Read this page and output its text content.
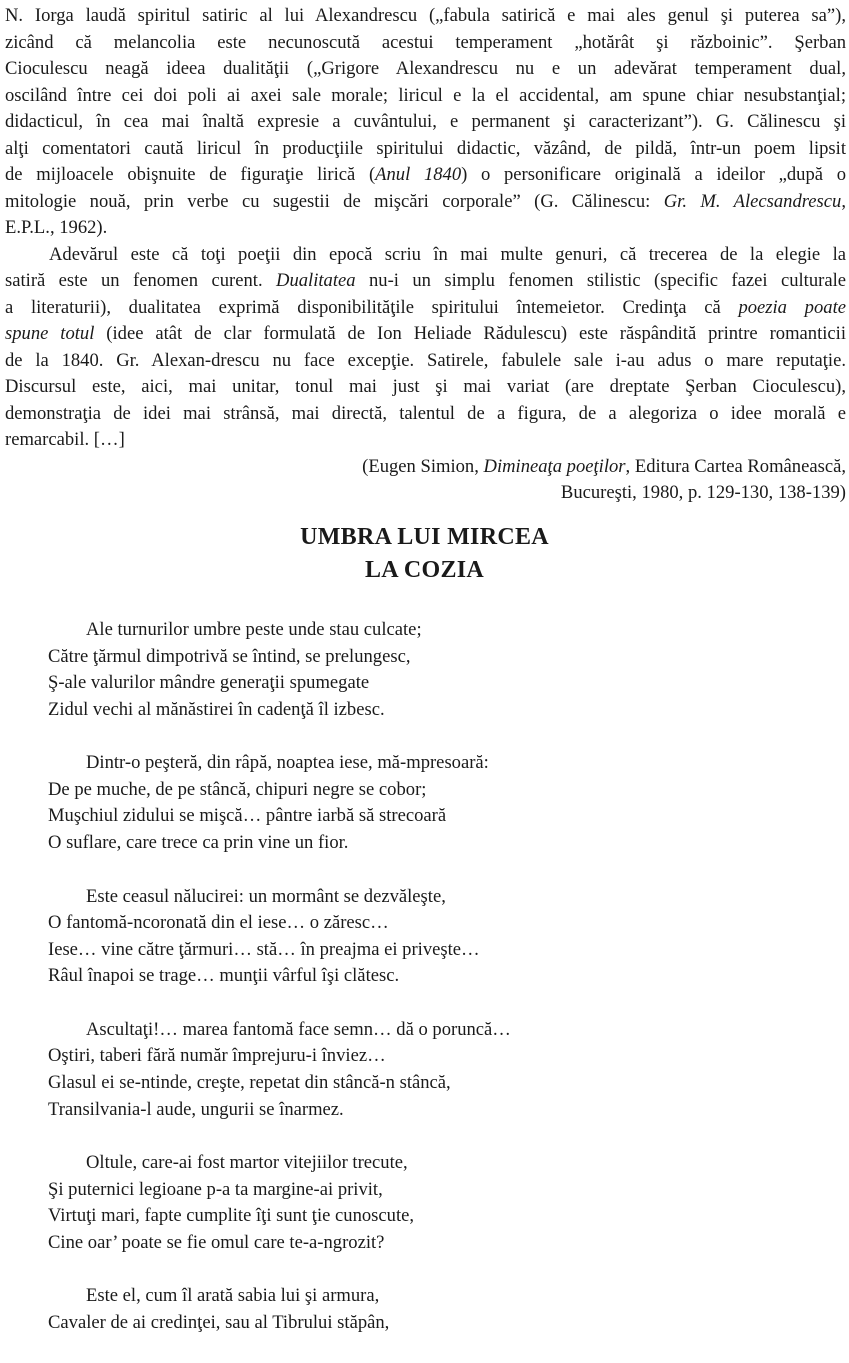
N. Iorga laudă spiritul satiric al lui Alexandrescu („fabula satirică e mai ales genul şi puterea sa”),
zicând că melancolia este necunoscută acestui temperament „hotărât şi războinic”. Şerban
Cioculescu neagă ideea dualităţii („Grigore Alexandrescu nu e un adevărat temperament dual,
oscilând între cei doi poli ai axei sale morale; liricul e la el accidental, am spune chiar nesubstanţial;
didacticul, în cea mai înaltă expresie a cuvântului, e permanent şi caracterizant”). G. Călinescu şi
alţi comentatori caută liricul în producţiile spiritului didactic, văzând, de pildă, într-un poem lipsit
de mijloacele obişnuite de figuraţie lirică (Anul 1840) o personificare originală a ideilor „după o
mitologie nouă, prin verbe cu sugestii de mişcări corporale” (G. Călinescu: Gr. M. Alecsandrescu,
E.P.L., 1962).
Adevărul este că toţi poeţii din epocă scriu în mai multe genuri, că trecerea de la elegie la
satiră este un fenomen curent. Dualitatea nu-i un simplu fenomen stilistic (specific fazei culturale
a literaturii), dualitatea exprimă disponibilităţile spiritului întemeietor. Credinţa că poezia poate
spune totul (idee atât de clar formulată de Ion Heliade Rădulescu) este răspândită printre romanticii
de la 1840. Gr. Alexan-drescu nu face excepţie. Satirele, fabulele sale i-au adus o mare reputaţie.
Discursul este, aici, mai unitar, tonul mai just şi mai variat (are dreptate Şerban Cioculescu),
demonstraţia de idei mai strânsă, mai directă, talentul de a figura, de a alegoriza o idee morală e
remarcabil. […]
(Eugen Simion, Dimineaţa poeţilor, Editura Cartea Românească,
Bucureşti, 1980, p. 129-130, 138-139)
UMBRA LUI MIRCEA
LA COZIA
Ale turnurilor umbre peste unde stau culcate;
Către ţărmul dimpotrivă se întind, se prelungesc,
Ş-ale valurilor mândre generaţii spumegate
Zidul vechi al mănăstirei în cadenţă îl izbesc.
Dintr-o peşteră, din râpă, noaptea iese, mă-mpresoară:
De pe muche, de pe stâncă, chipuri negre se cobor;
Muşchiul zidului se mişcă… pântre iarbă să strecoară
O suflare, care trece ca prin vine un fior.
Este ceasul nălucirei: un mormânt se dezvăleşte,
O fantomă-ncoronată din el iese… o zăresc…
Iese… vine către ţărmuri… stă… în preajma ei priveşte…
Râul înapoi se trage… munţii vârful îşi clătesc.
Ascultaţi!… marea fantomă face semn… dă o poruncă…
Oştiri, taberi fără număr împrejuru-i înviez…
Glasul ei se-ntinde, creşte, repetat din stâncă-n stâncă,
Transilvania-l aude, ungurii se înarmez.
Oltule, care-ai fost martor vitejiilor trecute,
Şi puternici legioane p-a ta margine-ai privit,
Virtuţi mari, fapte cumplite îţi sunt ţie cunoscute,
Cine oar’ poate se fie omul care te-a-ngrozit?
Este el, cum îl arată sabia lui şi armura,
Cavaler de ai credinţei, sau al Tibrului stăpân,
